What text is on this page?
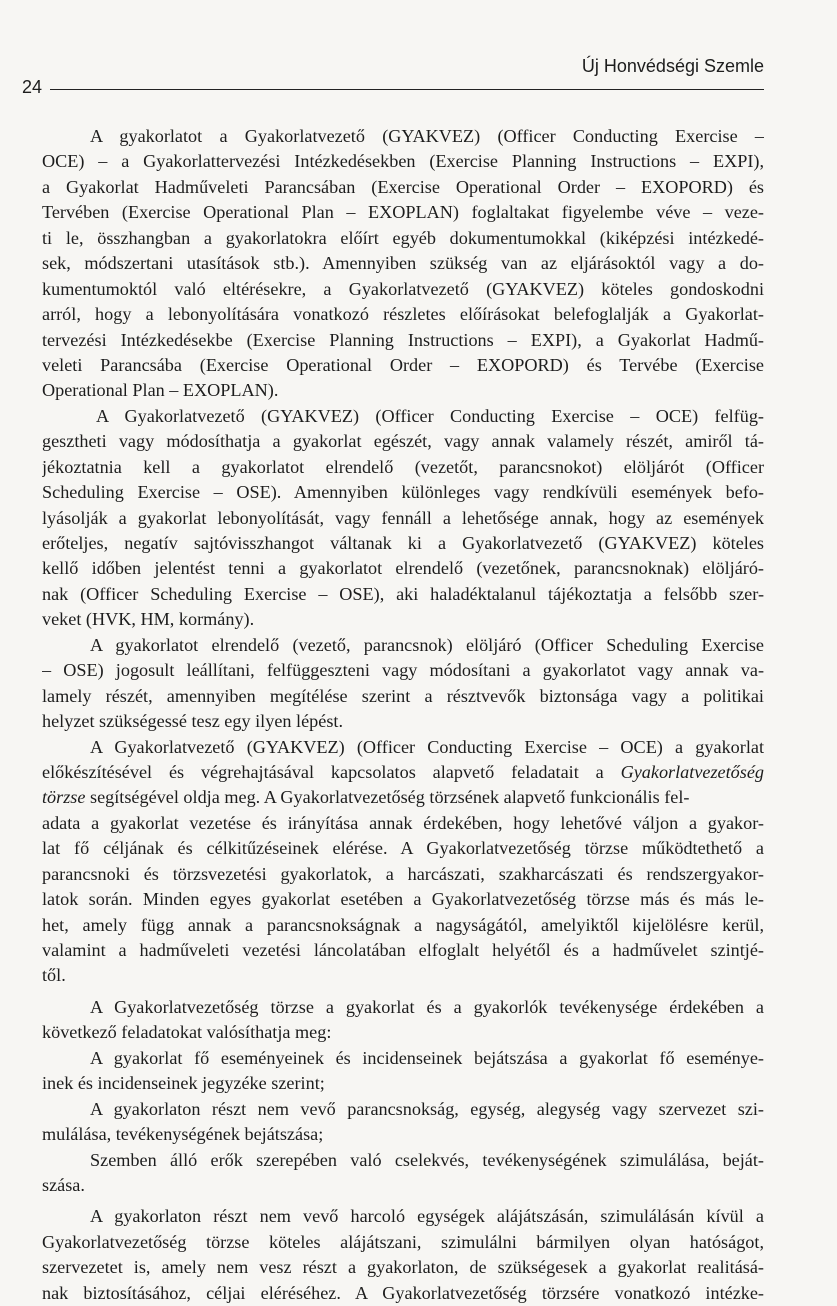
Új Honvédségi Szemle
24
A gyakorlatot a Gyakorlatvezető (GYAKVEZ) (Officer Conducting Exercise –
OCE) – a Gyakorlattervezési Intézkedésekben (Exercise Planning Instructions – EXPI),
a Gyakorlat Hadműveleti Parancsában (Exercise Operational Order – EXOPORD) és
Tervében (Exercise Operational Plan – EXOPLAN) foglaltakat figyelembe véve – veze-
ti le, összhangban a gyakorlatokra előírt egyéb dokumentumokkal (kiképzési intézkedé-
sek, módszertani utasítások stb.). Amennyiben szükség van az eljárásoktól vagy a do-
kumentumoktól való eltérésekre, a Gyakorlatvezető (GYAKVEZ) köteles gondoskodni
arról, hogy a lebonyolítására vonatkozó részletes előírásokat belefoglalják a Gyakorlat-
tervezési Intézkedésekbe (Exercise Planning Instructions – EXPI), a Gyakorlat Hadmű-
veleti Parancsába (Exercise Operational Order – EXOPORD) és Tervébe (Exercise
Operational Plan – EXOPLAN).
A Gyakorlatvezető (GYAKVEZ) (Officer Conducting Exercise – OCE) felfüg-
gesztheti vagy módosíthatja a gyakorlat egészét, vagy annak valamely részét, amiről tá-
jékoztatnia kell a gyakorlatot elrendelő (vezetőt, parancsnokot) elöljárót (Officer
Scheduling Exercise – OSE). Amennyiben különleges vagy rendkívüli események befo-
lyásolják a gyakorlat lebonyolítását, vagy fennáll a lehetősége annak, hogy az események
erőteljes, negatív sajtóvisszhangot váltanak ki a Gyakorlatvezető (GYAKVEZ) köteles
kellő időben jelentést tenni a gyakorlatot elrendelő (vezetőnek, parancsnoknak) elöljáró-
nak (Officer Scheduling Exercise – OSE), aki haladéktalanul tájékoztatja a felsőbb szer-
veket (HVK, HM, kormány).
A gyakorlatot elrendelő (vezető, parancsnok) elöljáró (Officer Scheduling Exercise
– OSE) jogosult leállítani, felfüggeszteni vagy módosítani a gyakorlatot vagy annak va-
lamely részét, amennyiben megítélése szerint a résztvevők biztonsága vagy a politikai
helyzet szükségessé tesz egy ilyen lépést.
A Gyakorlatvezető (GYAKVEZ) (Officer Conducting Exercise – OCE) a gyakorlat
előkészítésével és végrehajtásával kapcsolatos alapvető feladatait a Gyakorlatvezetőség
törzse segítségével oldja meg. A Gyakorlatvezetőség törzsének alapvető funkcionális fel-
adata a gyakorlat vezetése és irányítása annak érdekében, hogy lehetővé váljon a gyakor-
lat fő céljának és célkitűzéseinek elérése. A Gyakorlatvezetőség törzse működtethető a
parancsnoki és törzsvezetési gyakorlatok, a harcászati, szakharcászati és rendszergyakor-
latok során. Minden egyes gyakorlat esetében a Gyakorlatvezetőség törzse más és más le-
het, amely függ annak a parancsnokságnak a nagyságától, amelyiktől kijelölésre kerül,
valamint a hadműveleti vezetési láncolatában elfoglalt helyétől és a hadművelet szintjé-
től.
A Gyakorlatvezetőség törzse a gyakorlat és a gyakorlók tevékenysége érdekében a
következő feladatokat valósíthatja meg:
A gyakorlat fő eseményeinek és incidenseinek bejátszása a gyakorlat fő eseménye-
inek és incidenseinek jegyzéke szerint;
A gyakorlaton részt nem vevő parancsnokság, egység, alegység vagy szervezet szi-
mulálása, tevékenységének bejátszása;
Szemben álló erők szerepében való cselekvés, tevékenységének szimulálása, beját-
szása.
A gyakorlaton részt nem vevő harcoló egységek alájátszásán, szimulálásán kívül a
Gyakorlatvezetőség törzse köteles alájátszani, szimulálni bármilyen olyan hatóságot,
szervezetet is, amely nem vesz részt a gyakorlaton, de szükségesek a gyakorlat realitásá-
nak biztosításához, céljai eléréséhez. A Gyakorlatvezetőség törzsére vonatkozó intézke-
